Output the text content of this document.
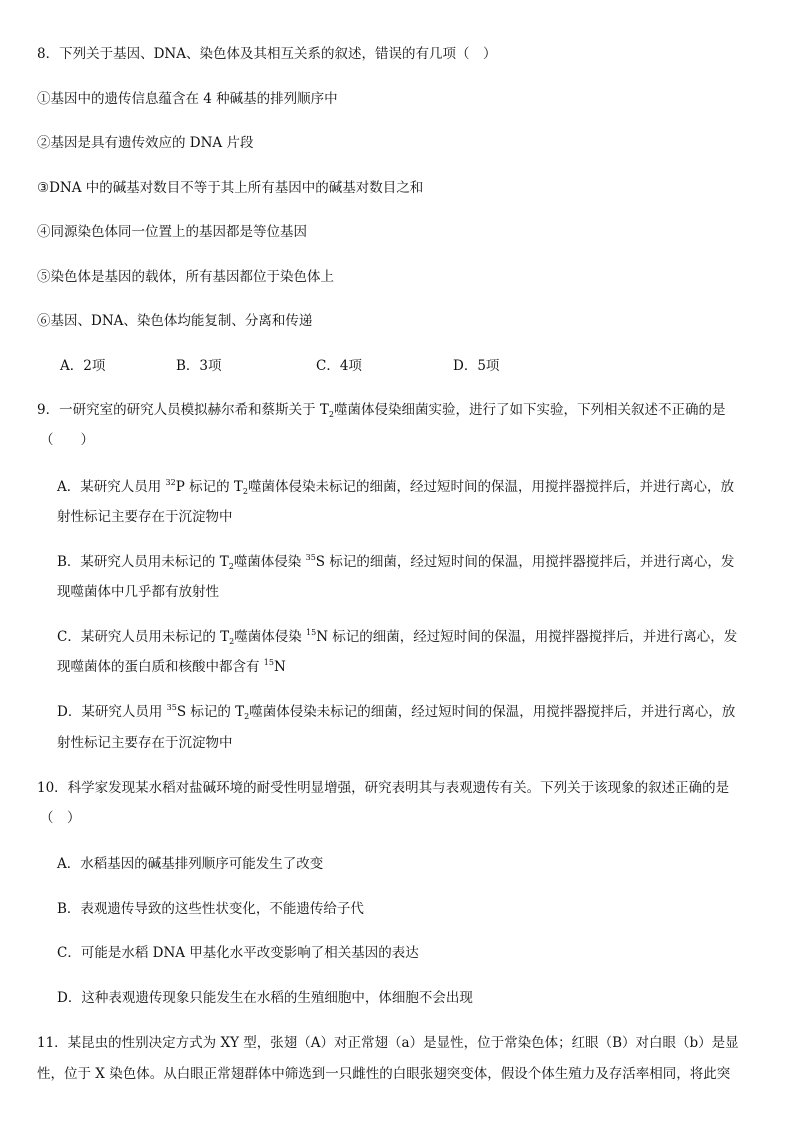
8．下列关于基因、DNA、染色体及其相互关系的叙述，错误的有几项（　）
①基因中的遗传信息蕴含在 4 种碱基的排列顺序中
②基因是具有遗传效应的 DNA 片段
③DNA 中的碱基对数目不等于其上所有基因中的碱基对数目之和
④同源染色体同一位置上的基因都是等位基因
⑤染色体是基因的载体，所有基因都位于染色体上
⑥基因、DNA、染色体均能复制、分离和传递
A．2项	B．3项	C．4项	D．5项
9．一研究室的研究人员模拟赫尔希和蔡斯关于 $T_2$噬菌体侵染细菌实验，进行了如下实验，下列相关叙述不正确的是
（　　）
A．某研究人员用 $^{32}$P 标记的 $T_2$噬菌体侵染未标记的细菌，经过短时间的保温，用搅拌器搅拌后，并进行离心，放
射性标记主要存在于沉淀物中
B．某研究人员用未标记的 $T_2$噬菌体侵染 $^{35}$S 标记的细菌，经过短时间的保温，用搅拌器搅拌后，并进行离心，发
现噬菌体中几乎都有放射性
C．某研究人员用未标记的 $T_2$噬菌体侵染 $^{15}$N 标记的细菌，经过短时间的保温，用搅拌器搅拌后，并进行离心，发
现噬菌体的蛋白质和核酸中都含有 $^{15}$N
D．某研究人员用 $^{35}$S 标记的 $T_2$噬菌体侵染未标记的细菌，经过短时间的保温，用搅拌器搅拌后，并进行离心，放
射性标记主要存在于沉淀物中
10．科学家发现某水稻对盐碱环境的耐受性明显增强，研究表明其与表观遗传有关。下列关于该现象的叙述正确的是
（　）
A．水稻基因的碱基排列顺序可能发生了改变
B．表观遗传导致的这些性状变化，不能遗传给子代
C．可能是水稻 DNA 甲基化水平改变影响了相关基因的表达
D．这种表观遗传现象只能发生在水稻的生殖细胞中，体细胞不会出现
11．某昆虫的性别决定方式为 XY 型，张翅（A）对正常翅（a）是显性，位于常染色体；红眼（B）对白眼（b）是显
性，位于 X 染色体。从白眼正常翅群体中筛选到一只雌性的白眼张翅突变体，假设个体生殖力及存活率相同，将此突
